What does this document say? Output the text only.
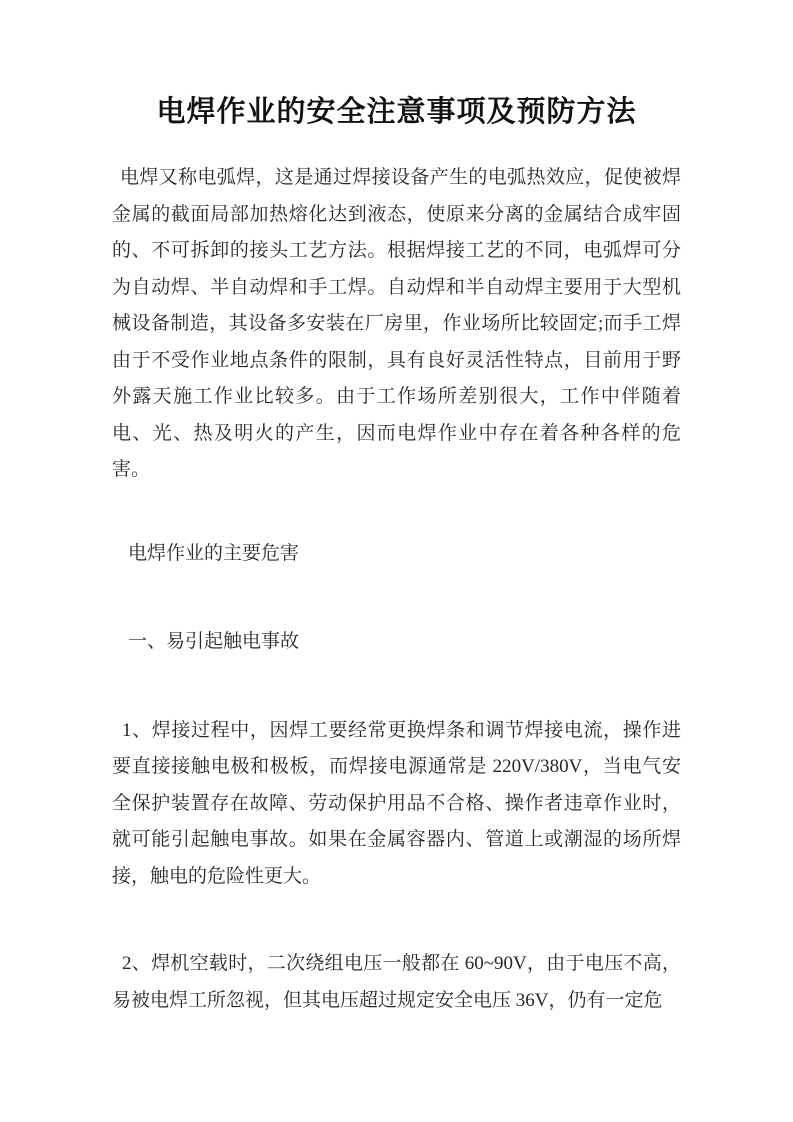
电焊作业的安全注意事项及预防方法

电焊又称电弧焊，这是通过焊接设备产生的电弧热效应，促使被焊金属的截面局部加热熔化达到液态，使原来分离的金属结合成牢固的、不可拆卸的接头工艺方法。根据焊接工艺的不同，电弧焊可分为自动焊、半自动焊和手工焊。自动焊和半自动焊主要用于大型机械设备制造，其设备多安装在厂房里，作业场所比较固定;而手工焊由于不受作业地点条件的限制，具有良好灵活性特点，目前用于野外露天施工作业比较多。由于工作场所差别很大，工作中伴随着电、光、热及明火的产生，因而电焊作业中存在着各种各样的危害。

电焊作业的主要危害

一、易引起触电事故

1、焊接过程中，因焊工要经常更换焊条和调节焊接电流，操作进要直接接触电极和极板，而焊接电源通常是 220V/380V，当电气安全保护装置存在故障、劳动保护用品不合格、操作者违章作业时，就可能引起触电事故。如果在金属容器内、管道上或潮湿的场所焊接，触电的危险性更大。

2、焊机空载时，二次绕组电压一般都在 60~90V，由于电压不高，易被电焊工所忽视，但其电压超过规定安全电压 36V，仍有一定危
